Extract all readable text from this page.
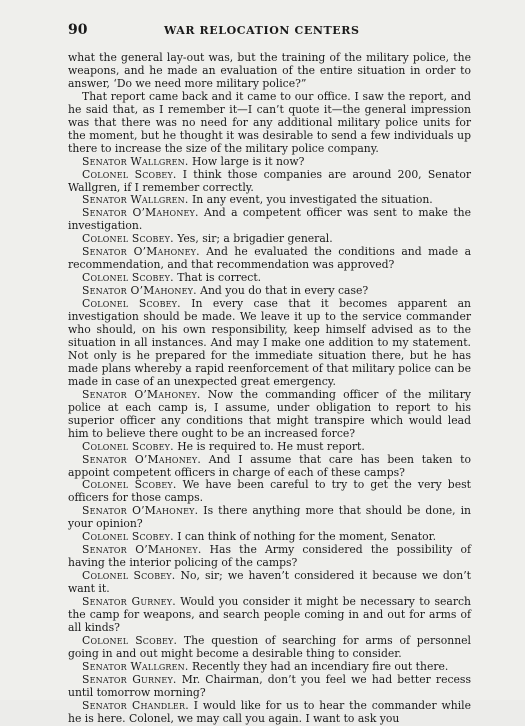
90	WAR RELOCATION CENTERS

what the general lay-out was, but the training of the military police, the weapons, and he made an evaluation of the entire situation in order to answer, ‘Do we need more military police?”

That report came back and it came to our office. I saw the report, and he said that, as I remember it—I can’t quote it—the general impression was that there was no need for any additional military police units for the moment, but he thought it was desirable to send a few individuals up there to increase the size of the military police company.

Senator Wallgren. How large is it now?

Colonel Scobey. I think those companies are around 200, Senator Wallgren, if I remember correctly.

Senator Wallgren. In any event, you investigated the situation.

Senator O’Mahoney. And a competent officer was sent to make the investigation.

Colonel Scobey. Yes, sir; a brigadier general.

Senator O’Mahoney. And he evaluated the conditions and made a recommendation, and that recommendation was approved?

Colonel Scobey. That is correct.

Senator O’Mahoney. And you do that in every case?

Colonel Scobey. In every case that it becomes apparent an investigation should be made. We leave it up to the service commander who should, on his own responsibility, keep himself advised as to the situation in all instances. And may I make one addition to my statement. Not only is he prepared for the immediate situation there, but he has made plans whereby a rapid reenforcement of that military police can be made in case of an unexpected great emergency.

Senator O’Mahoney. Now the commanding officer of the military police at each camp is, I assume, under obligation to report to his superior officer any conditions that might transpire which would lead him to believe there ought to be an increased force?

Colonel Scobey. He is required to. He must report.

Senator O’Mahoney. And I assume that care has been taken to appoint competent officers in charge of each of these camps?

Colonel Scobey. We have been careful to try to get the very best officers for those camps.

Senator O’Mahoney. Is there anything more that should be done, in your opinion?

Colonel Scobey. I can think of nothing for the moment, Senator.

Senator O’Mahoney. Has the Army considered the possibility of having the interior policing of the camps?

Colonel Scobey. No, sir; we haven’t considered it because we don’t want it.

Senator Gurney. Would you consider it might be necessary to search the camp for weapons, and search people coming in and out for arms of all kinds?

Colonel Scobey. The question of searching for arms of personnel going in and out might become a desirable thing to consider.

Senator Wallgren. Recently they had an incendiary fire out there.

Senator Gurney. Mr. Chairman, don’t you feel we had better recess until tomorrow morning?

Senator Chandler. I would like for us to hear the commander while he is here. Colonel, we may call you again. I want to ask you
